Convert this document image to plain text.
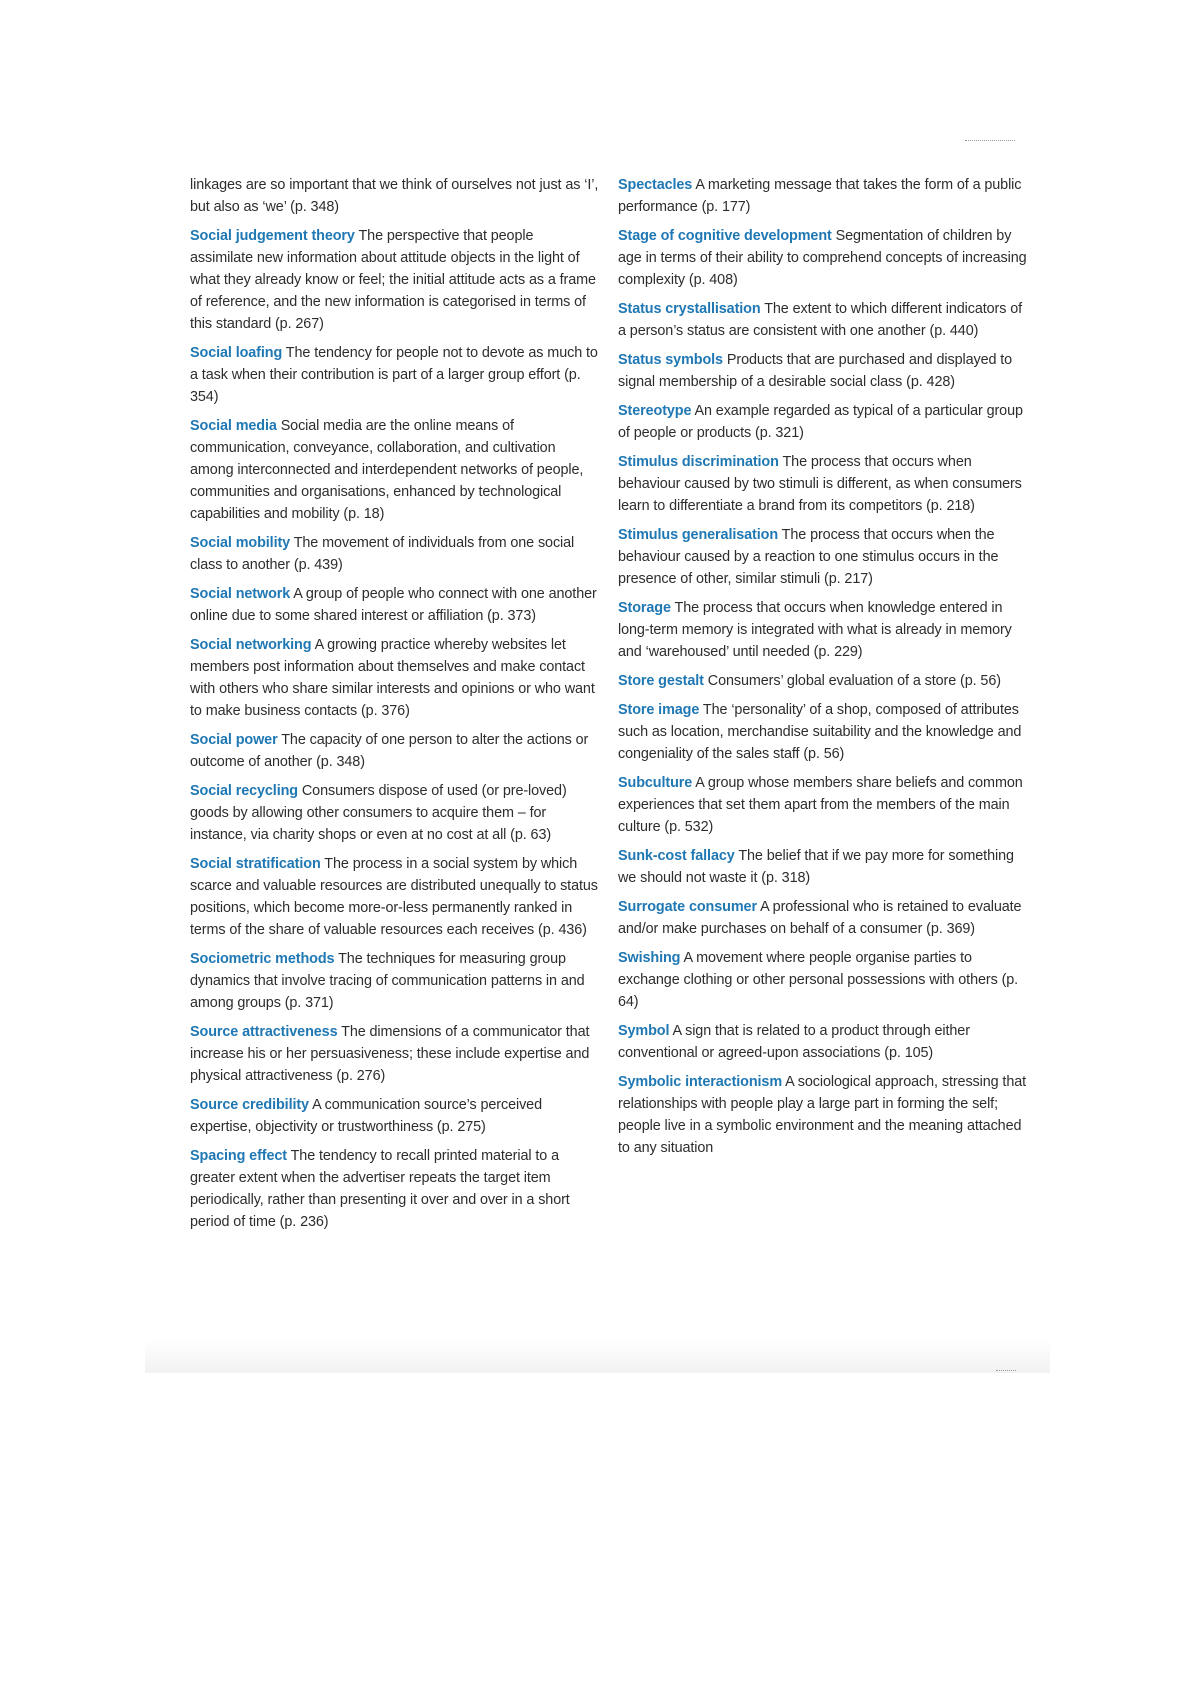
linkages are so important that we think of ourselves not just as ‘I’, but also as ‘we’ (p. 348)

Social judgement theory The perspective that people assimilate new information about attitude objects in the light of what they already know or feel; the initial attitude acts as a frame of reference, and the new information is categorised in terms of this standard (p. 267)

Social loafing The tendency for people not to devote as much to a task when their contribution is part of a larger group effort (p. 354)

Social media Social media are the online means of communication, conveyance, collaboration, and cultivation among interconnected and interdependent networks of people, communities and organisations, enhanced by technological capabilities and mobility (p. 18)

Social mobility The movement of individuals from one social class to another (p. 439)

Social network A group of people who connect with one another online due to some shared interest or affiliation (p. 373)

Social networking A growing practice whereby websites let members post information about themselves and make contact with others who share similar interests and opinions or who want to make business contacts (p. 376)

Social power The capacity of one person to alter the actions or outcome of another (p. 348)

Social recycling Consumers dispose of used (or pre-loved) goods by allowing other consumers to acquire them – for instance, via charity shops or even at no cost at all (p. 63)

Social stratification The process in a social system by which scarce and valuable resources are distributed unequally to status positions, which become more-or-less permanently ranked in terms of the share of valuable resources each receives (p. 436)

Sociometric methods The techniques for measuring group dynamics that involve tracing of communication patterns in and among groups (p. 371)

Source attractiveness The dimensions of a communicator that increase his or her persuasiveness; these include expertise and physical attractiveness (p. 276)

Source credibility A communication source’s perceived expertise, objectivity or trustworthiness (p. 275)

Spacing effect The tendency to recall printed material to a greater extent when the advertiser repeats the target item periodically, rather than presenting it over and over in a short period of time (p. 236)

Spectacles A marketing message that takes the form of a public performance (p. 177)

Stage of cognitive development Segmentation of children by age in terms of their ability to comprehend concepts of increasing complexity (p. 408)

Status crystallisation The extent to which different indicators of a person’s status are consistent with one another (p. 440)

Status symbols Products that are purchased and displayed to signal membership of a desirable social class (p. 428)

Stereotype An example regarded as typical of a particular group of people or products (p. 321)

Stimulus discrimination The process that occurs when behaviour caused by two stimuli is different, as when consumers learn to differentiate a brand from its competitors (p. 218)

Stimulus generalisation The process that occurs when the behaviour caused by a reaction to one stimulus occurs in the presence of other, similar stimuli (p. 217)

Storage The process that occurs when knowledge entered in long-term memory is integrated with what is already in memory and ‘warehoused’ until needed (p. 229)

Store gestalt Consumers’ global evaluation of a store (p. 56)

Store image The ‘personality’ of a shop, composed of attributes such as location, merchandise suitability and the knowledge and congeniality of the sales staff (p. 56)

Subculture A group whose members share beliefs and common experiences that set them apart from the members of the main culture (p. 532)

Sunk-cost fallacy The belief that if we pay more for something we should not waste it (p. 318)

Surrogate consumer A professional who is retained to evaluate and/or make purchases on behalf of a consumer (p. 369)

Swishing A movement where people organise parties to exchange clothing or other personal possessions with others (p. 64)

Symbol A sign that is related to a product through either conventional or agreed-upon associations (p. 105)

Symbolic interactionism A sociological approach, stressing that relationships with people play a large part in forming the self; people live in a symbolic environment and the meaning attached to any situation
